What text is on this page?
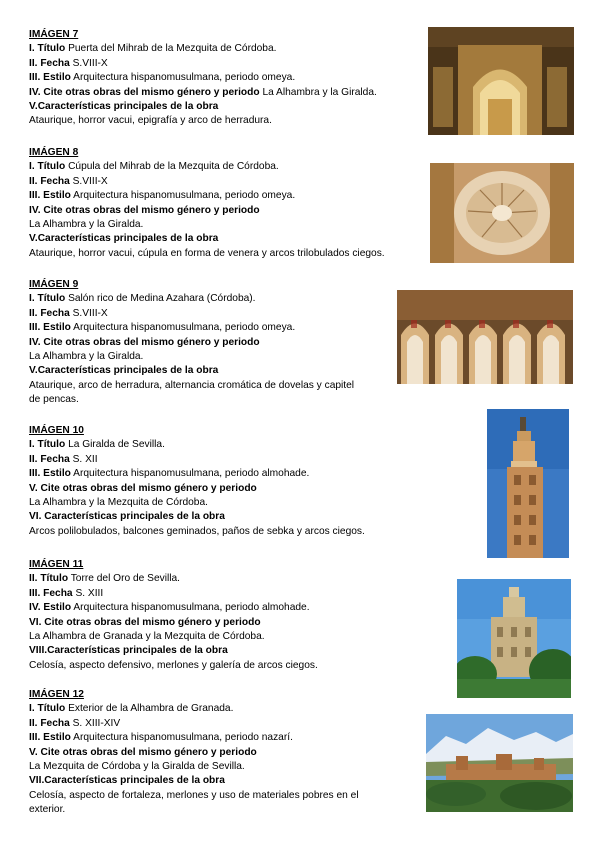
IMÁGEN 7
I. Título Puerta del Mihrab de la Mezquita de Córdoba.
II. Fecha S.VIII-X
III. Estilo Arquitectura hispanomusulmana, periodo omeya.
IV. Cite otras obras del mismo género y periodo La Alhambra y la Giralda.
V.Características principales de la obra
Ataurique, horror vacui, epigrafía y arco de herradura.
IMÁGEN 8
I. Título Cúpula del Mihrab de la Mezquita de Córdoba.
II. Fecha S.VIII-X
III. Estilo Arquitectura hispanomusulmana, periodo omeya.
IV. Cite otras obras del mismo género y periodo
La Alhambra y la Giralda.
V.Características principales de la obra
Ataurique, horror vacui, cúpula en forma de venera y arcos trilobulados ciegos.
IMÁGEN 9
I. Título Salón rico de Medina Azahara (Córdoba).
II. Fecha S.VIII-X
III. Estilo Arquitectura hispanomusulmana, periodo omeya.
IV. Cite otras obras del mismo género y periodo
La Alhambra y la Giralda.
V.Características principales de la obra
Ataurique, arco de herradura, alternancia cromática de dovelas y capitel
de pencas.
IMÁGEN 10
I. Título La Giralda de Sevilla.
II. Fecha S. XII
III. Estilo Arquitectura hispanomusulmana, periodo almohade.
V. Cite otras obras del mismo género y periodo
La Alhambra y la Mezquita de Córdoba.
VI. Características principales de la obra
Arcos polilobulados, balcones geminados, paños de sebka y arcos ciegos.
IMÁGEN 11
II. Título Torre del Oro de Sevilla.
III. Fecha S. XIII
IV. Estilo Arquitectura hispanomusulmana, periodo almohade.
VI. Cite otras obras del mismo género y periodo
La Alhambra de Granada y la Mezquita de Córdoba.
VIII.Características principales de la obra
Celosía, aspecto defensivo, merlones y galería de arcos ciegos.
IMÁGEN 12
I. Título Exterior de la Alhambra de Granada.
II. Fecha S. XIII-XIV
III. Estilo Arquitectura hispanomusulmana, periodo nazarí.
V. Cite otras obras del mismo género y periodo
La Mezquita de Córdoba y la Giralda de Sevilla.
VII.Características principales de la obra
Celosía, aspecto de fortaleza, merlones y uso de materiales pobres en el
exterior.
